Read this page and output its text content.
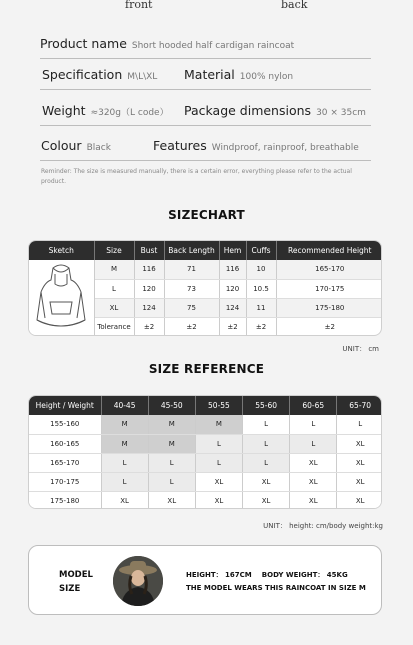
front	back
Product name Short hooded half cardigan raincoat
Specification M\L\XL Material 100% nylon
Weight ≈320g（L code） Package dimensions 30 × 35cm
Colour Black	Features Windproof, rainproof, breathable
Reminder: The size is measured manually, there is a certain error, everything please refer to the actual product.
SIZECHART
Sketch	Size	Bust	Back Length	Hem	Cuffs	Recommended Height
	M	116	71	116	10	165-170
	L	120	73	120	10.5	170-175
	XL	124	75	124	11	175-180
	Tolerance	±2	±2	±2	±2	±2
UNIT： cm
SIZE REFERENCE
Height / Weight	40-45	45-50	50-55	55-60	60-65	65-70
155-160	M	M	M	L	L	L
160-165	M	M	L	L	L	XL
165-170	L	L	L	L	XL	XL
170-175	L	L	XL	XL	XL	XL
175-180	XL	XL	XL	XL	XL	XL
UNIT： height: cm/body weight:kg
MODEL
SIZE
HEIGHT： 167CM BODY WEIGHT： 45KG
THE MODEL WEARS THIS RAINCOAT IN SIZE M
